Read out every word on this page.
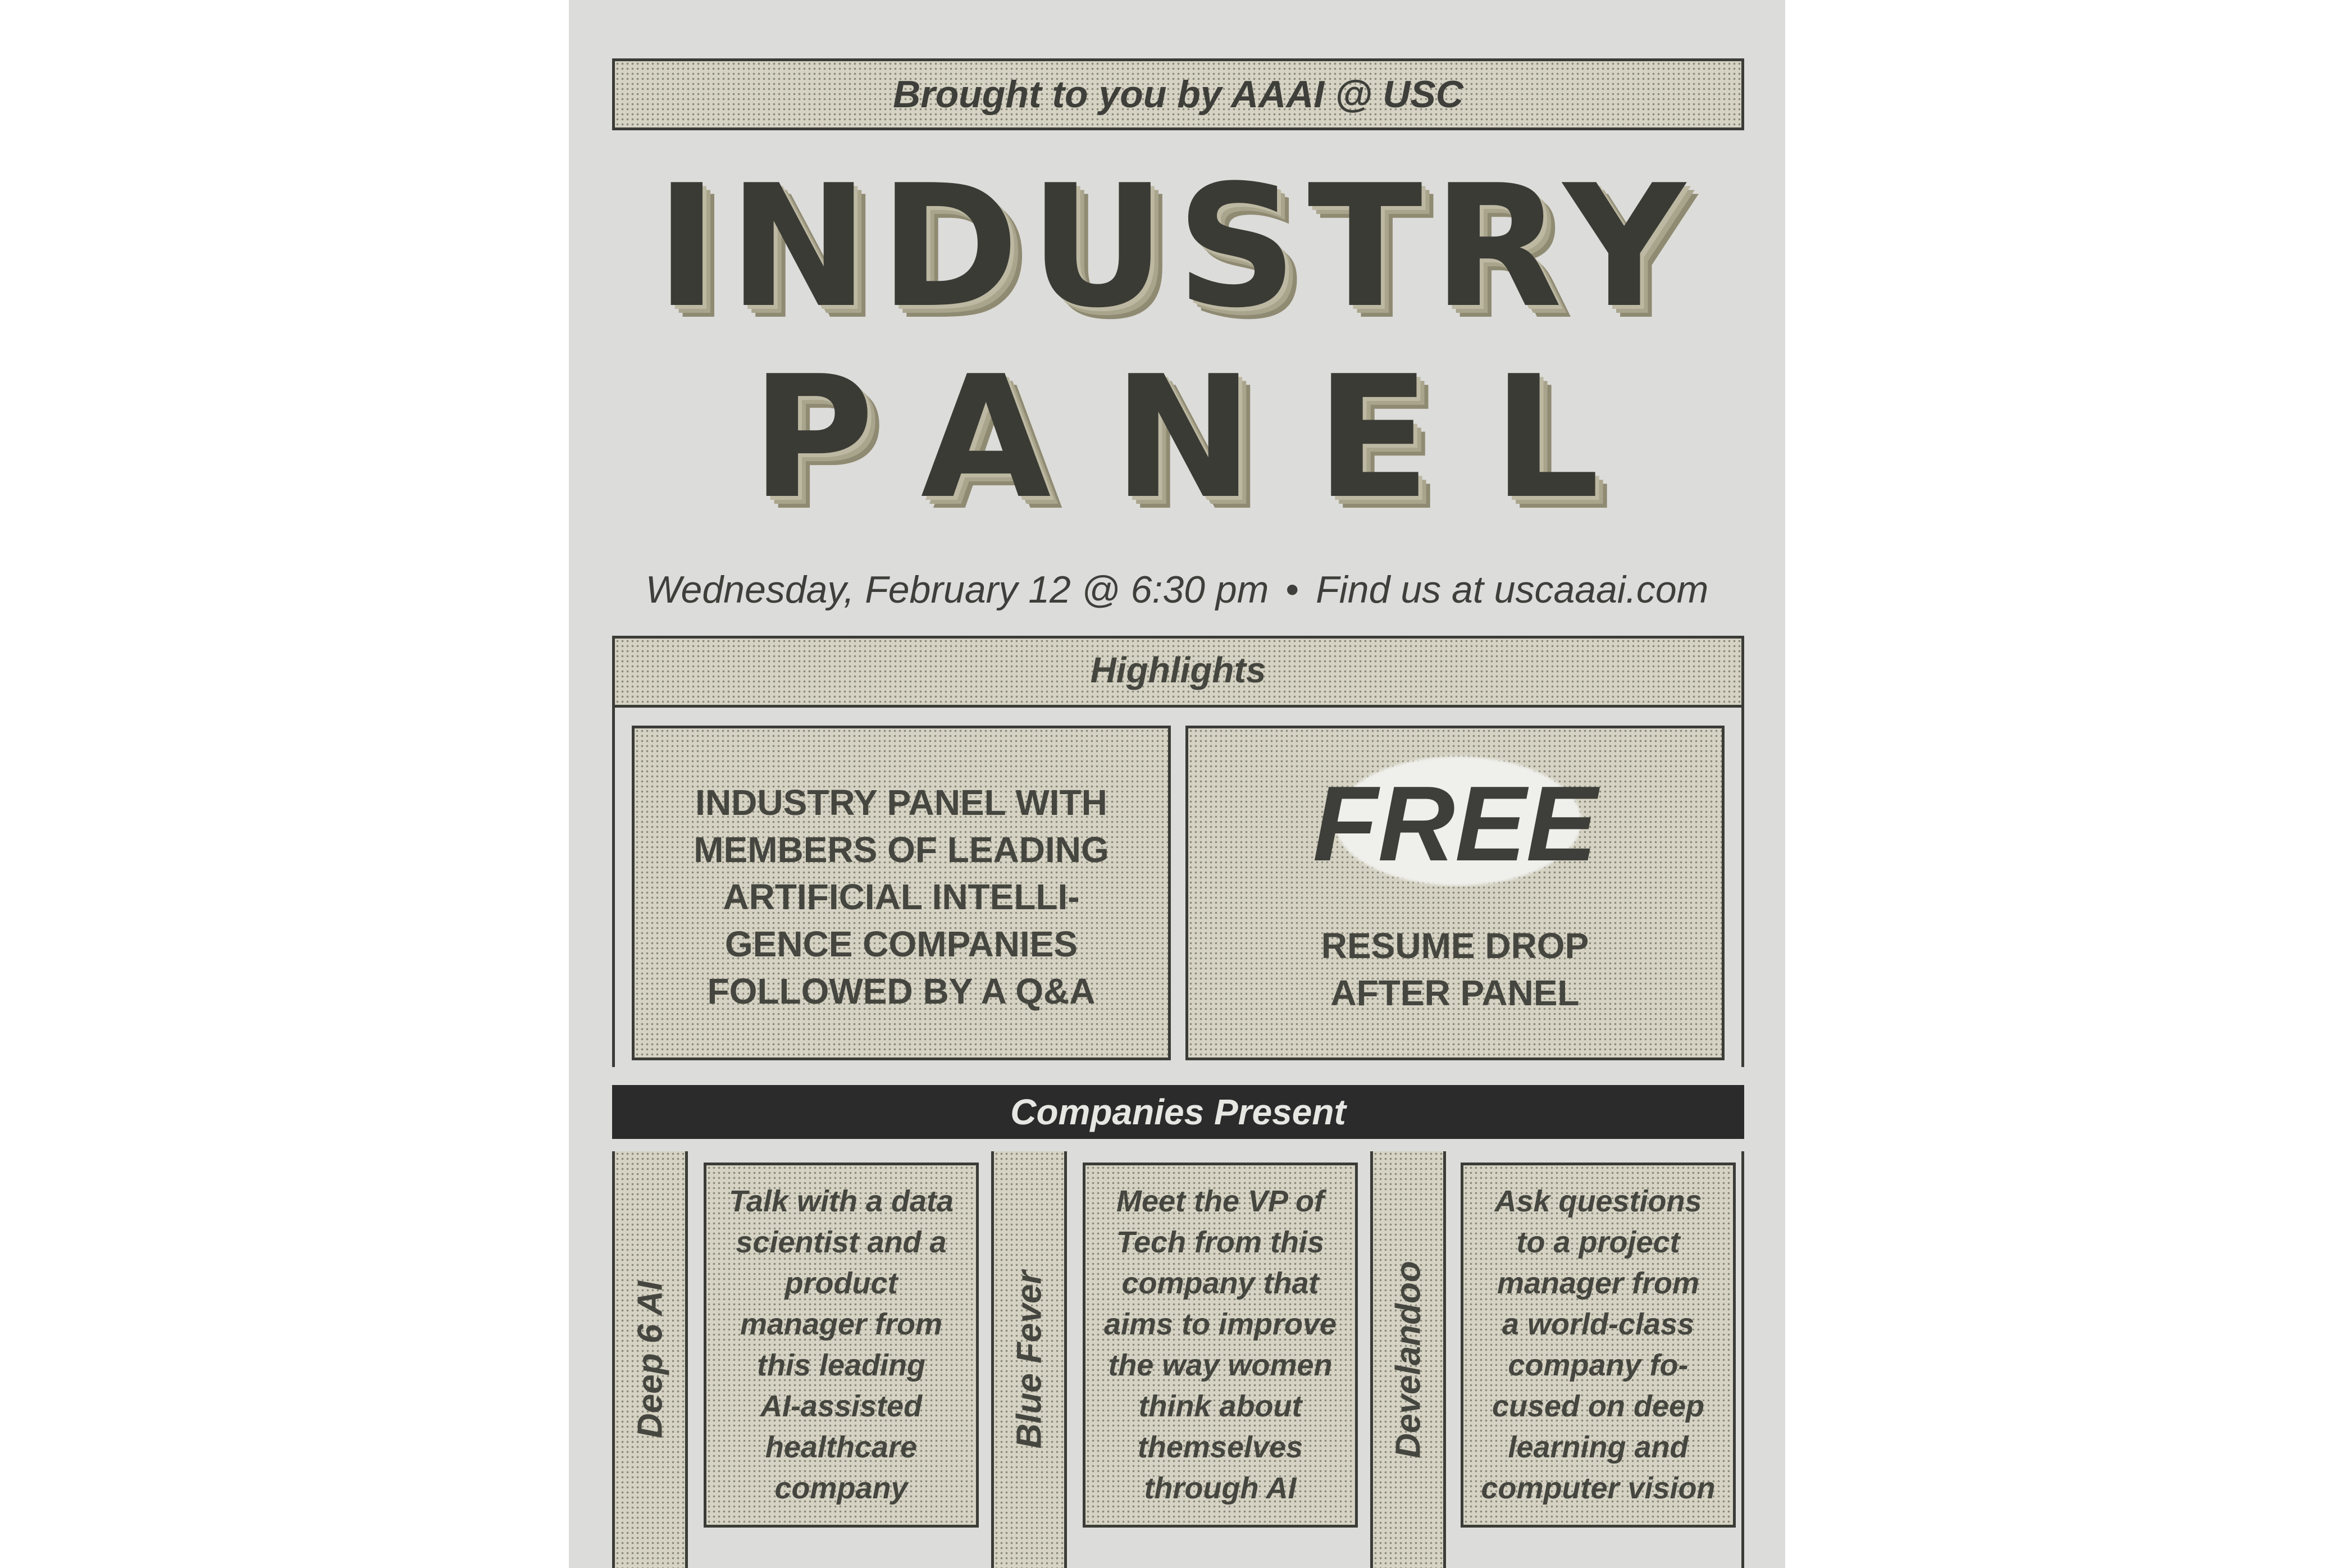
Brought to you by AAAI @ USC
INDUSTRY
PANEL
Wednesday, February 12 @ 6:30 pm • Find us at uscaaai.com
Highlights
INDUSTRY PANEL WITH
MEMBERS OF LEADING
ARTIFICIAL INTELLI-
GENCE COMPANIES
FOLLOWED BY A Q&A
FREE
RESUME DROP
AFTER PANEL
Companies Present
Deep 6 AI
Talk with a data
scientist and a
product
manager from
this leading
AI-assisted
healthcare
company
Blue Fever
Meet the VP of
Tech from this
company that
aims to improve
the way women
think about
themselves
through AI
Develandoo
Ask questions
to a project
manager from
a world-class
company fo-
cused on deep
learning and
computer vision
